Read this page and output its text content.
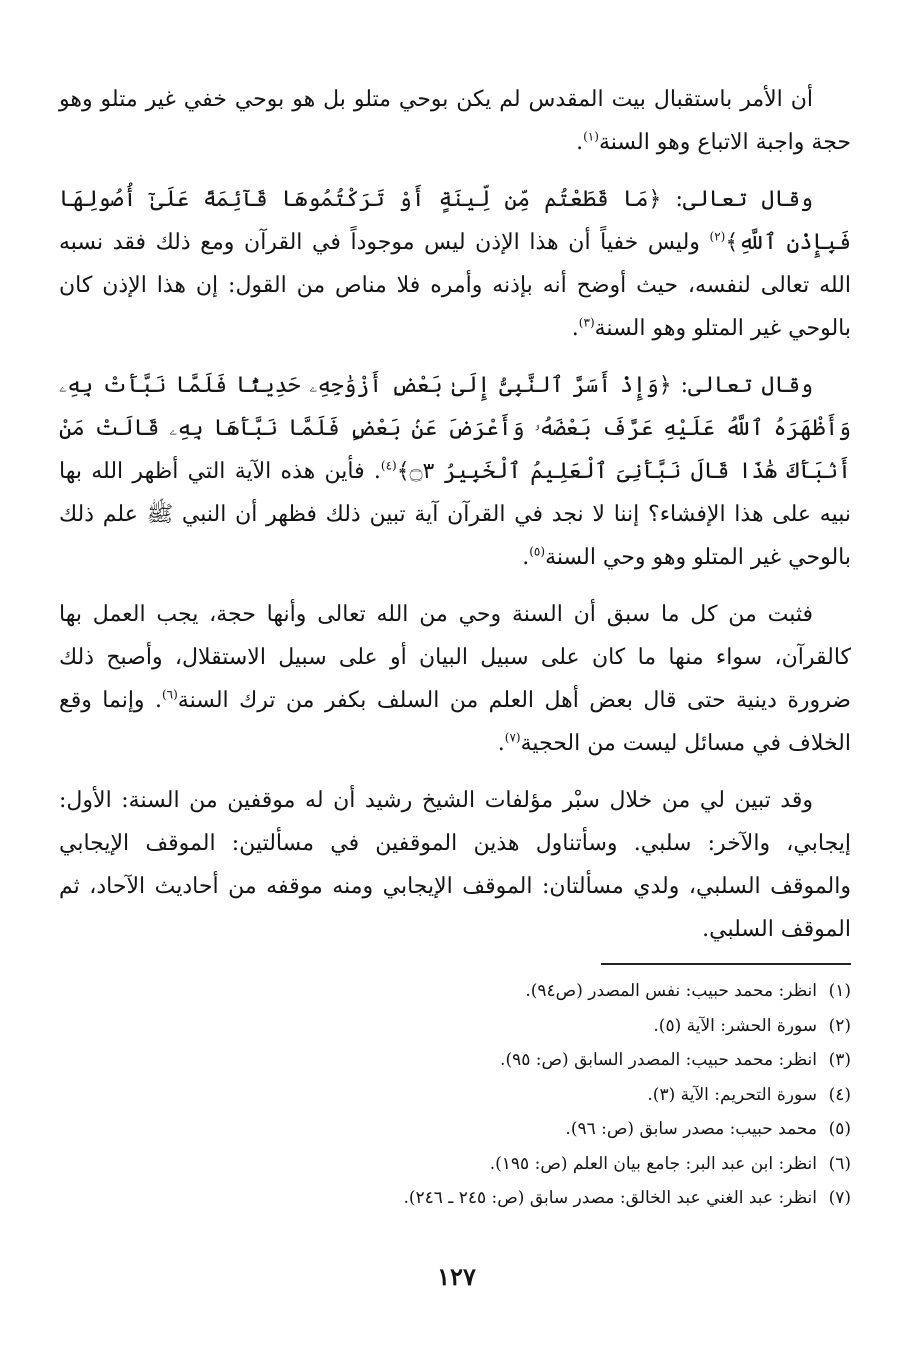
أن الأمر باستقبال بيت المقدس لم يكن بوحي متلو بل هو بوحي خفي غير متلو وهو حجة واجبة الاتباع وهو السنة$^{(١)}$.

وقال تعالى: ﴿مَا قَطَعْتُم مِّن لِّينَةٍ أَوْ تَرَكْتُمُوهَا قَآئِمَةً عَلَىٰٓ أُصُولِهَا فَبِإِذْنِ ٱللَّهِ﴾$^{(٢)}$ وليس خفياً أن هذا الإذن ليس موجوداً في القرآن ومع ذلك فقد نسبه الله تعالى لنفسه، حيث أوضح أنه بإذنه وأمره فلا مناص من القول: إن هذا الإذن كان بالوحي غير المتلو وهو السنة$^{(٣)}$.

وقال تعالى: ﴿وَإِذْ أَسَرَّ ٱلنَّبِىُّ إِلَىٰ بَعْضِ أَزْوَٰجِهِۦ حَدِيثًا فَلَمَّا نَبَّأَتْ بِهِۦ وَأَظْهَرَهُ ٱللَّهُ عَلَيْهِ عَرَّفَ بَعْضَهُۥ وَأَعْرَضَ عَنۢ بَعْضٍ فَلَمَّا نَبَّأَهَا بِهِۦ قَالَتْ مَنْ أَنۢبَأَكَ هَٰذَا قَالَ نَبَّأَنِىَ ٱلْعَلِيمُ ٱلْخَبِيرُ ۝٣﴾$^{(٤)}$. فأين هذه الآية التي أظهر الله بها نبيه على هذا الإفشاء؟ إننا لا نجد في القرآن آية تبين ذلك فظهر أن النبي ﷺ علم ذلك بالوحي غير المتلو وهو وحي السنة$^{(٥)}$.

فثبت من كل ما سبق أن السنة وحي من الله تعالى وأنها حجة، يجب العمل بها كالقرآن، سواء منها ما كان على سبيل البيان أو على سبيل الاستقلال، وأصبح ذلك ضرورة دينية حتى قال بعض أهل العلم من السلف بكفر من ترك السنة$^{(٦)}$. وإنما وقع الخلاف في مسائل ليست من الحجية$^{(٧)}$.

وقد تبين لي من خلال سبْر مؤلفات الشيخ رشيد أن له موقفين من السنة: الأول: إيجابي، والآخر: سلبي. وسأتناول هذين الموقفين في مسألتين: الموقف الإيجابي والموقف السلبي، ولدي مسألتان: الموقف الإيجابي ومنه موقفه من أحاديث الآحاد، ثم الموقف السلبي.

(١)انظر: محمد حبيب: نفس المصدر (ص٩٤).
(٢)سورة الحشر: الآية (٥).
(٣)انظر: محمد حبيب: المصدر السابق (ص: ٩٥).
(٤)سورة التحريم: الآية (٣).
(٥)محمد حبيب: مصدر سابق (ص: ٩٦).
(٦)انظر: ابن عبد البر: جامع بيان العلم (ص: ١٩٥).
(٧)انظر: عبد الغني عبد الخالق: مصدر سابق (ص: ٢٤٥ ـ ٢٤٦).
١٢٧
